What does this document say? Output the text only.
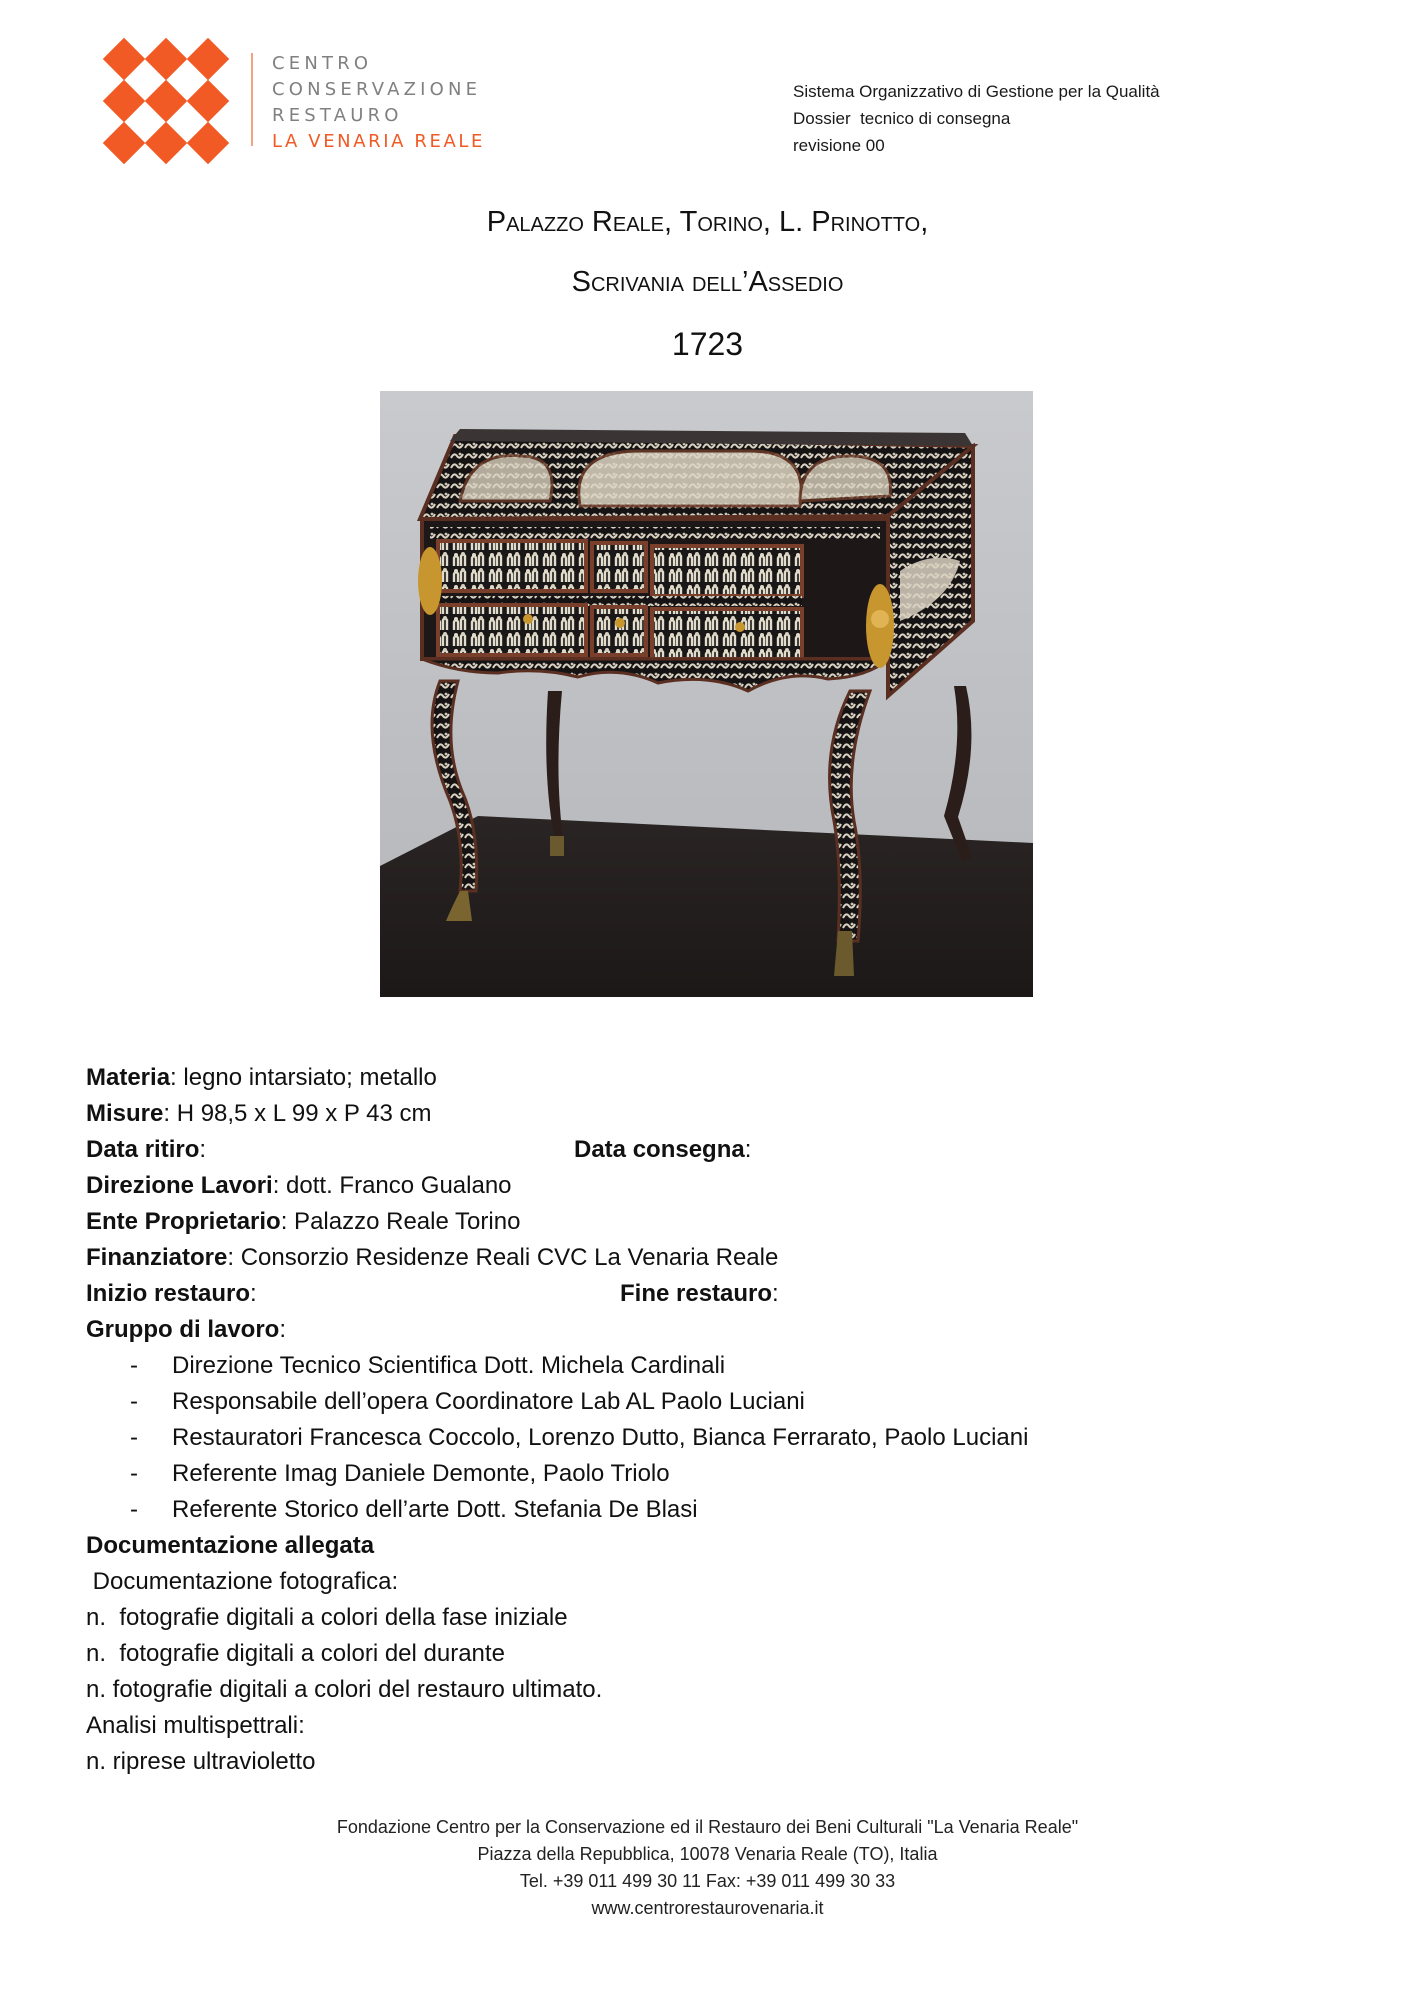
CENTRO
CONSERVAZIONE
RESTAURO
LA VENARIA REALE
Sistema Organizzativo di Gestione per la Qualità
Dossier  tecnico di consegna
revisione 00
Palazzo Reale, Torino, L. Prinotto,
Scrivania dell’Assedio
1723
Materia: legno intarsiato; metallo
Misure: H 98,5 x L 99 x P 43 cm
Data ritiro:	Data consegna:
Direzione Lavori: dott. Franco Gualano
Ente Proprietario: Palazzo Reale Torino
Finanziatore: Consorzio Residenze Reali CVC La Venaria Reale
Inizio restauro:	Fine restauro:
Gruppo di lavoro:
- Direzione Tecnico Scientifica Dott. Michela Cardinali
- Responsabile dell’opera Coordinatore Lab AL Paolo Luciani
- Restauratori Francesca Coccolo, Lorenzo Dutto, Bianca Ferrarato, Paolo Luciani
- Referente Imag Daniele Demonte, Paolo Triolo
- Referente Storico dell’arte Dott. Stefania De Blasi
Documentazione allegata
Documentazione fotografica:
n.  fotografie digitali a colori della fase iniziale
n.  fotografie digitali a colori del durante
n. fotografie digitali a colori del restauro ultimato.
Analisi multispettrali:
n. riprese ultravioletto
Fondazione Centro per la Conservazione ed il Restauro dei Beni Culturali "La Venaria Reale"
Piazza della Repubblica, 10078 Venaria Reale (TO), Italia
Tel. +39 011 499 30 11 Fax: +39 011 499 30 33
www.centrorestaurovenaria.it
